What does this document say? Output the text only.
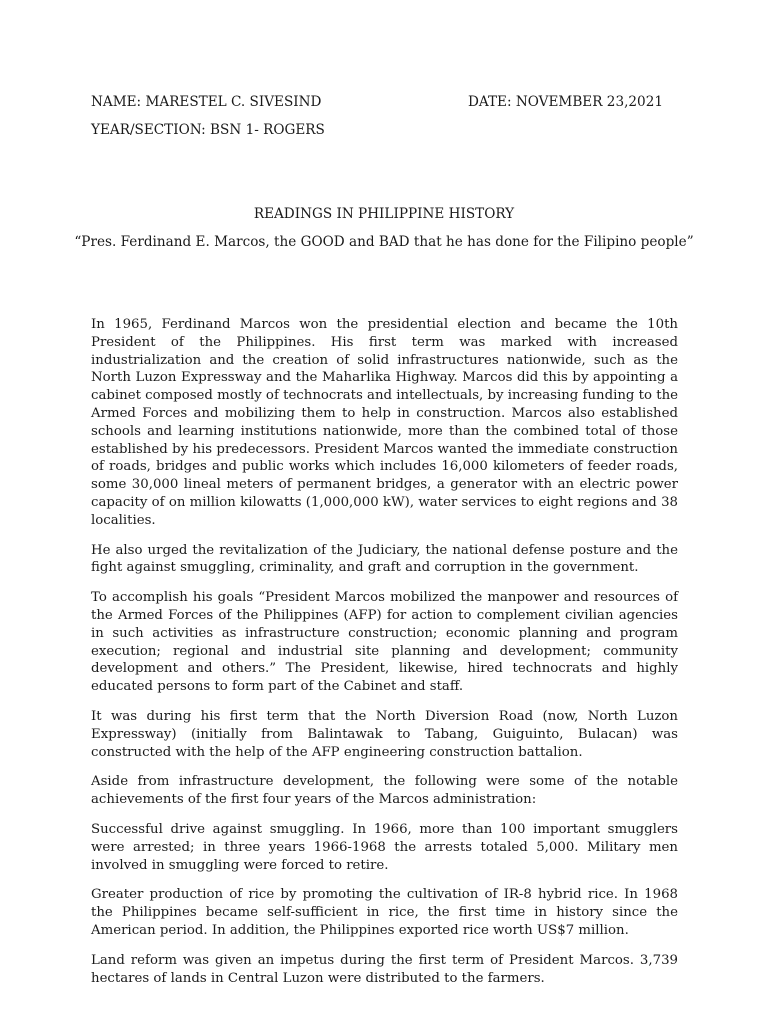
NAME: MARESTEL C. SIVESIND	DATE: NOVEMBER 23,2021
YEAR/SECTION: BSN 1- ROGERS
READINGS IN PHILIPPINE HISTORY
“Pres. Ferdinand E. Marcos, the GOOD and BAD that he has done for the Filipino people”

In 1965, Ferdinand Marcos won the presidential election and became the 10th President of the Philippines. His first term was marked with increased industrialization and the creation of solid infrastructures nationwide, such as the North Luzon Expressway and the Maharlika Highway. Marcos did this by appointing a cabinet composed mostly of technocrats and intellectuals, by increasing funding to the Armed Forces and mobilizing them to help in construction. Marcos also established schools and learning institutions nationwide, more than the combined total of those established by his predecessors. President Marcos wanted the immediate construction of roads, bridges and public works which includes 16,000 kilometers of feeder roads, some 30,000 lineal meters of permanent bridges, a generator with an electric power capacity of on million kilowatts (1,000,000 kW), water services to eight regions and 38 localities.

He also urged the revitalization of the Judiciary, the national defense posture and the fight against smuggling, criminality, and graft and corruption in the government.

To accomplish his goals “President Marcos mobilized the manpower and resources of the Armed Forces of the Philippines (AFP) for action to complement civilian agencies in such activities as infrastructure construction; economic planning and program execution; regional and industrial site planning and development; community development and others.” The President, likewise, hired technocrats and highly educated persons to form part of the Cabinet and staff.

It was during his first term that the North Diversion Road (now, North Luzon Expressway) (initially from Balintawak to Tabang, Guiguinto, Bulacan) was constructed with the help of the AFP engineering construction battalion.

Aside from infrastructure development, the following were some of the notable achievements of the first four years of the Marcos administration:

Successful drive against smuggling. In 1966, more than 100 important smugglers were arrested; in three years 1966-1968 the arrests totaled 5,000. Military men involved in smuggling were forced to retire.

Greater production of rice by promoting the cultivation of IR-8 hybrid rice. In 1968 the Philippines became self-sufficient in rice, the first time in history since the American period. In addition, the Philippines exported rice worth US$7 million.

Land reform was given an impetus during the first term of President Marcos. 3,739 hectares of lands in Central Luzon were distributed to the farmers.
